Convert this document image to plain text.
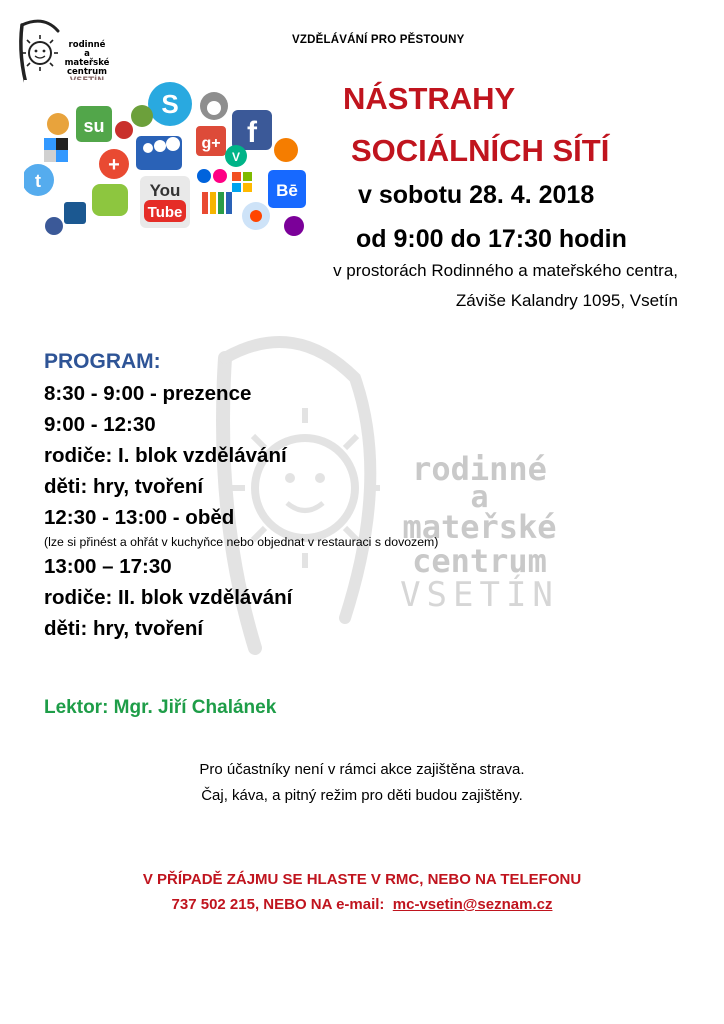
rodinné
a
mateřské
centrum
VSETÍN
rodinné
a
mateřské
centrum
S
f
su
g+
V
+
t	You
Tube
Bē
VZDĚLÁVÁNÍ PRO PĚSTOUNY
NÁSTRAHY
SOCIÁLNÍCH SÍTÍ
v sobotu 28. 4. 2018
od 9:00 do 17:30 hodin
v prostorách Rodinného a mateřského centra,
Záviše Kalandry 1095, Vsetín
PROGRAM:
8:30 - 9:00 - prezence
9:00 - 12:30
rodiče: I. blok vzdělávání
děti: hry, tvoření
12:30 - 13:00 - oběd
(lze si přinést a ohřát v kuchyňce nebo objednat v restauraci s dovozem)
13:00 – 17:30
rodiče: II. blok vzdělávání
děti: hry, tvoření
Lektor: Mgr. Jiří Chalánek
Pro účastníky není v rámci akce zajištěna strava.
Čaj, káva, a pitný režim pro děti budou zajištěny.
V PŘÍPADĚ ZÁJMU SE HLASTE V RMC, NEBO NA TELEFONU
737 502 215, NEBO NA e-mail: mc-vsetin@seznam.cz
